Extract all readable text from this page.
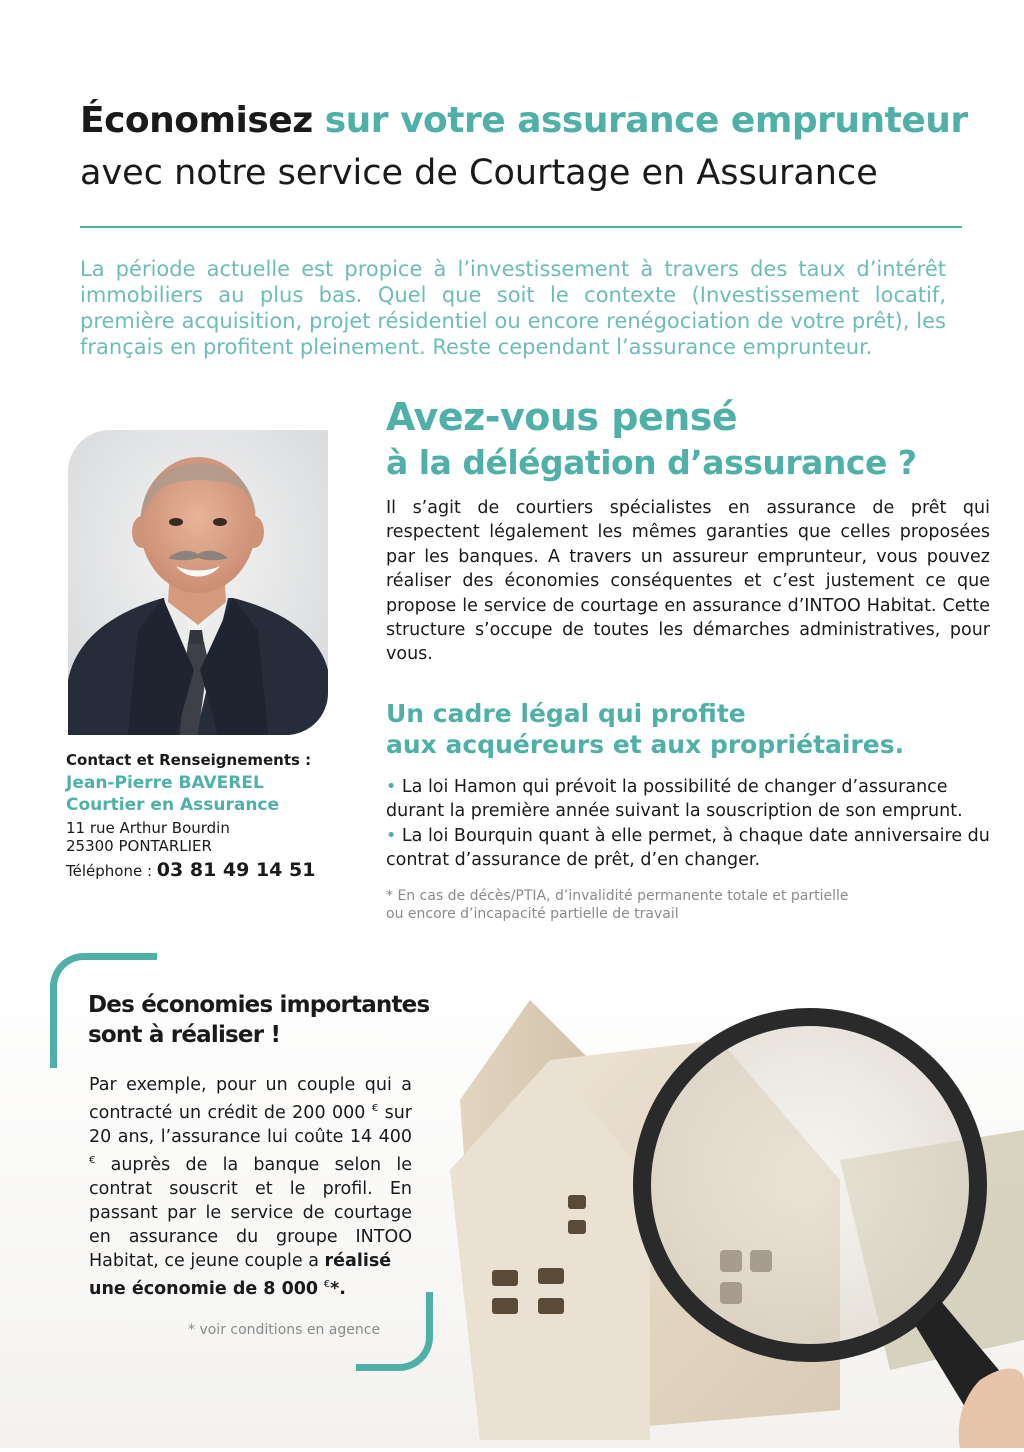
Économisez sur votre assurance emprunteur
avec notre service de Courtage en Assurance
La période actuelle est propice à l’investissement à travers des taux d’intérêt immobiliers au plus bas. Quel que soit le contexte (Investissement locatif, première acquisition, projet résidentiel ou encore renégociation de votre prêt), les français en profitent pleinement. Reste cependant l’assurance emprunteur.
Contact et Renseignements :
Jean-Pierre BAVEREL
Courtier en Assurance
11 rue Arthur Bourdin
25300 PONTARLIER
Téléphone : 03 81 49 14 51
Avez-vous pensé
à la délégation d’assurance ?
Il s’agit de courtiers spécialistes en assurance de prêt qui respectent légalement les mêmes garanties que celles proposées par les banques. A travers un assureur emprunteur, vous pouvez réaliser des économies conséquentes et c’est justement ce que propose le service de courtage en assurance d’INTOO Habitat. Cette structure s’occupe de toutes les démarches administratives, pour vous.
Un cadre légal qui profite
aux acquéreurs et aux propriétaires.
• La loi Hamon qui prévoit la possibilité de changer d’assurance durant la première année suivant la souscription de son emprunt.
• La loi Bourquin quant à elle permet, à chaque date anniversaire du contrat d’assurance de prêt, d’en changer.
* En cas de décès/PTIA, d’invalidité permanente totale et partielle ou encore d’incapacité partielle de travail
Des économies importantes
sont à réaliser !
Par exemple, pour un couple qui a contracté un crédit de 200 000 € sur 20 ans, l’assurance lui coûte 14 400 € auprès de la banque selon le contrat souscrit et le profil. En passant par le service de courtage en assurance du groupe INTOO Habitat, ce jeune couple a réalisé
une économie de 8 000 €*.
* voir conditions en agence
